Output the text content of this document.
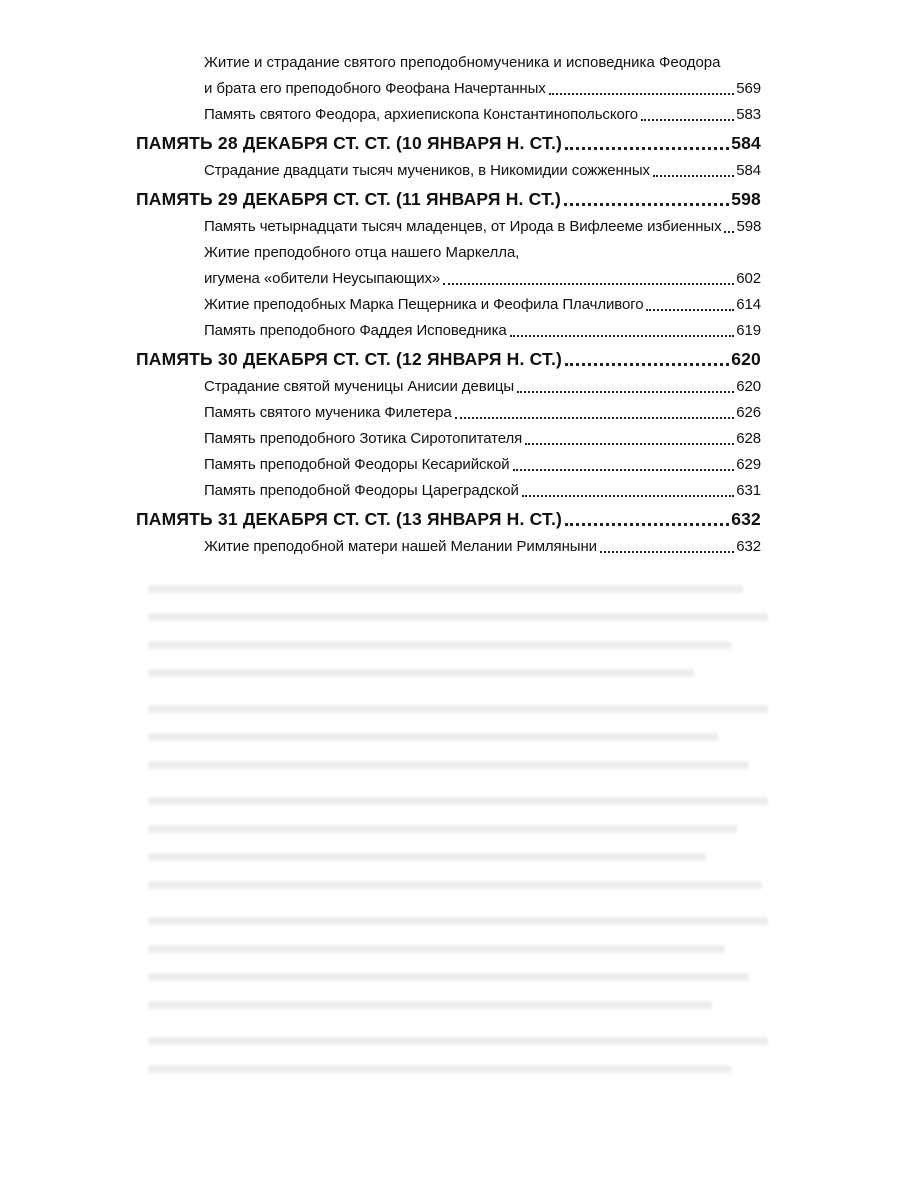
Житие и страдание святого преподобномученика и исповедника Феодора
и брата его преподобного Феофана Начертанных	569
Память святого Феодора, архиепископа Константинопольского	583
ПАМЯТЬ 28 ДЕКАБРЯ СТ. СТ. (10 ЯНВАРЯ Н. СТ.)	584
Страдание двадцати тысяч мучеников, в Никомидии сожженных	584
ПАМЯТЬ 29 ДЕКАБРЯ СТ. СТ. (11 ЯНВАРЯ Н. СТ.)	598
Память четырнадцати тысяч младенцев, от Ирода в Вифлееме избиенных 598
Житие преподобного отца нашего Маркелла,
игумена «обители Неусыпающих»	602
Житие преподобных Марка Пещерника и Феофила Плачливого	614
Память преподобного Фаддея Исповедника	619
ПАМЯТЬ 30 ДЕКАБРЯ СТ. СТ. (12 ЯНВАРЯ Н. СТ.)	620
Страдание святой мученицы Анисии девицы	620
Память святого мученика Филетера	626
Память преподобного Зотика Сиротопитателя	628
Память преподобной Феодоры Кесарийской	629
Память преподобной Феодоры Цареградской	631
ПАМЯТЬ 31 ДЕКАБРЯ СТ. СТ. (13 ЯНВАРЯ Н. СТ.)	632
Житие преподобной матери нашей Мелании Римляныни	632
